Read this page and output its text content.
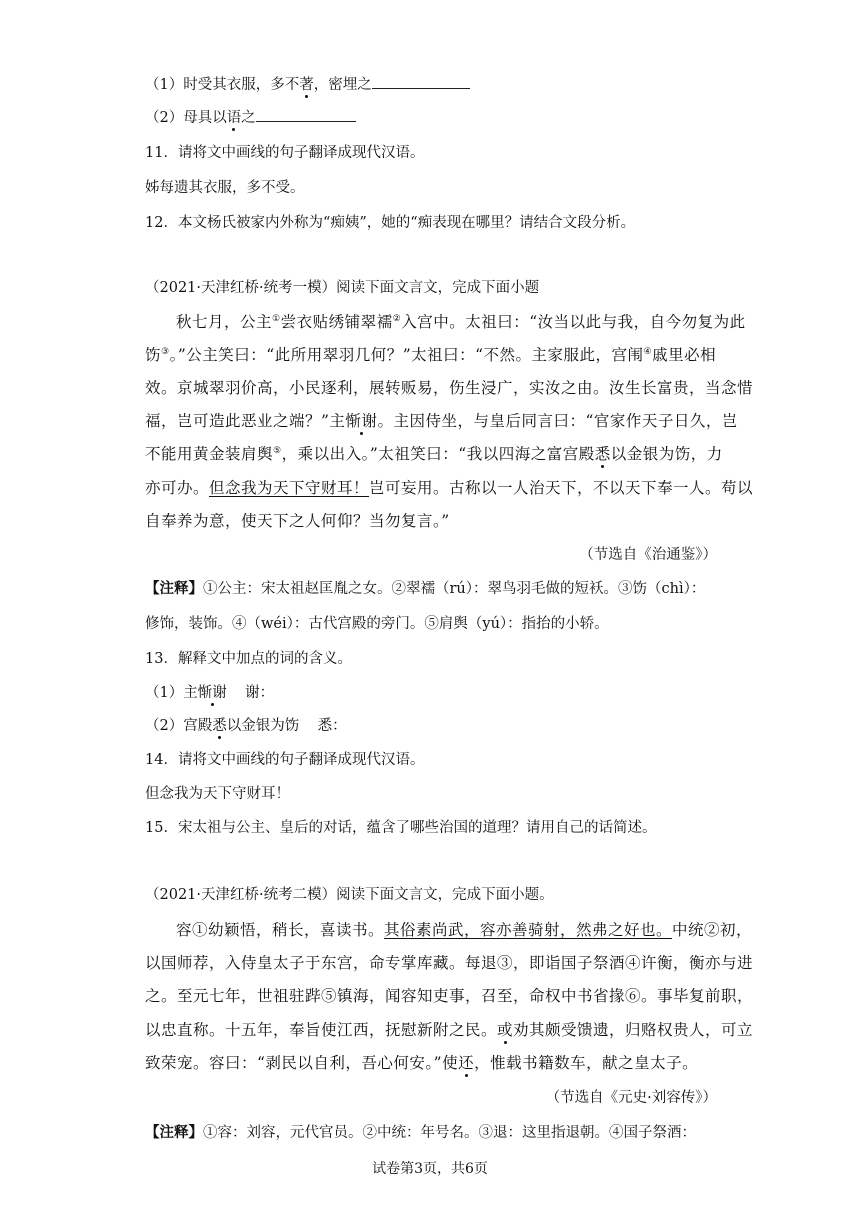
（1）时受其衣服，多不著，密埋之
（2）母具以语之
11．请将文中画线的句子翻译成现代汉语。
姊每遗其衣服，多不受。
12．本文杨氏被家内外称为“痴姨”，她的“痴表现在哪里？请结合文段分析。
（2021·天津红桥·统考一模）阅读下面文言文，完成下面小题
秋七月，公主①尝衣贴绣铺翠襦②入宫中。太祖曰：“汝当以此与我，自今勿复为此
饬③。”公主笑曰：“此所用翠羽几何？”太祖曰：“不然。主家服此，宫闱④戚里必相
效。京城翠羽价高，小民逐利，展转贩易，伤生浸广，实汝之由。汝生长富贵，当念惜
福，岂可造此恶业之端？”主惭谢。主因侍坐，与皇后同言曰：“官家作天子日久，岂
不能用黄金装肩舆⑤，乘以出入。”太祖笑曰：“我以四海之富宫殿悉以金银为饬，力
亦可办。但念我为天下守财耳！岂可妄用。古称以一人治天下，不以天下奉一人。苟以
自奉养为意，使天下之人何仰？当勿复言。”
（节选自《治通鉴》）
【注释】①公主：宋太祖赵匡胤之女。②翠襦（rú）：翠鸟羽毛做的短袄。③饬（chì）：
修饰，装饰。④（wéi）：古代宫殿的旁门。⑤肩舆（yú）：指抬的小轿。
13．解释文中加点的词的含义。
（1）主惭谢    谢：
（2）宫殿悉以金银为饬    悉：
14．请将文中画线的句子翻译成现代汉语。
但念我为天下守财耳！
15．宋太祖与公主、皇后的对话，蕴含了哪些治国的道理？请用自己的话简述。
（2021·天津红桥·统考二模）阅读下面文言文，完成下面小题。
容①幼颖悟，稍长，喜读书。其俗素尚武，容亦善骑射，然弗之好也。中统②初，
以国师荐，入侍皇太子于东宫，命专掌库藏。每退③，即诣国子祭酒④许衡，衡亦与进
之。至元七年，世祖驻跸⑤镇海，闻容知吏事，召至，命权中书省掾⑥。事毕复前职，
以忠直称。十五年，奉旨使江西，抚慰新附之民。或劝其颇受馈遗，归赂权贵人，可立
致荣宠。容曰：“剥民以自利，吾心何安。”使还，惟载书籍数车，献之皇太子。
（节选自《元史·刘容传》）
【注释】①容：刘容，元代官员。②中统：年号名。③退：这里指退朝。④国子祭酒：
试卷第3页，共6页
